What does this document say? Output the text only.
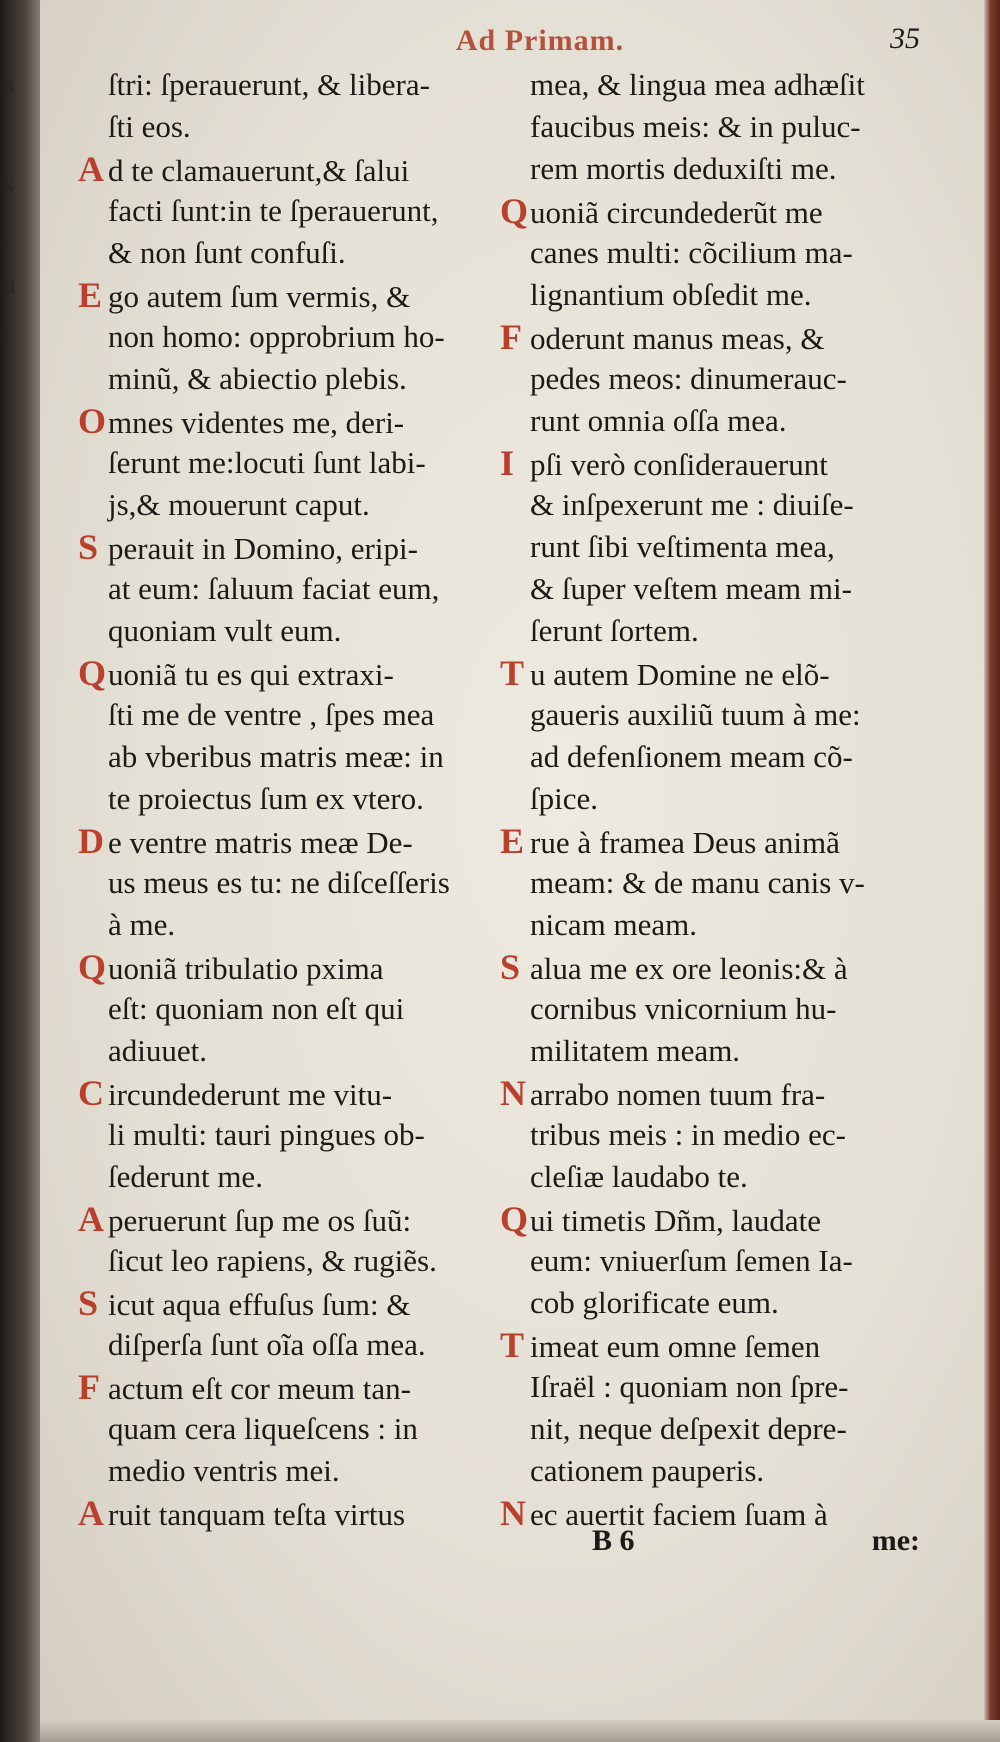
s
-
s
.
a
i
.
Ad Primam.	35
ſtri: ſperauerunt, & libera-
ſti eos.
A d te clamauerunt,& ſalui
facti ſunt:in te ſperauerunt,
& non ſunt confuſi.
E go autem ſum vermis, &
non homo: opprobrium ho-
minũ, & abiectio plebis.
Omnes videntes me, deri-
ſerunt me:locuti ſunt labi-
js,& mouerunt caput.
S perauit in Domino, eripi-
at eum: ſaluum faciat eum,
quoniam vult eum.
Quoniã tu es qui extraxi-
ſti me de ventre , ſpes mea
ab vberibus matris meæ: in
te proiectus ſum ex vtero.
D e ventre matris meæ De-
us meus es tu: ne diſceſſeris
à me.
Quoniã tribulatio pxima
eſt: quoniam non eſt qui
adiuuet.
C ircundederunt me vitu-
li multi: tauri pingues ob-
ſederunt me.
A peruerunt ſup me os ſuũ:
ſicut leo rapiens, & rugiẽs.
S icut aqua effuſus ſum: &
diſperſa ſunt oĩa oſſa mea.
F actum eſt cor meum tan-
quam cera liqueſcens : in
medio ventris mei.
A ruit tanquam teſta virtus
mea, & lingua mea adhæſit
faucibus meis: & in puluc-
rem mortis deduxiſti me.
Quoniã circundederũt me
canes multi: cõcilium ma-
lignantium obſedit me.
F oderunt manus meas, &
pedes meos: dinumerauc-
runt omnia oſſa mea.
I pſi verò conſiderauerunt
& inſpexerunt me : diuiſe-
runt ſibi veſtimenta mea,
& ſuper veſtem meam mi-
ſerunt ſortem.
T u autem Domine ne elõ-
gaueris auxiliũ tuum à me:
ad defenſionem meam cõ-
ſpice.
E rue à framea Deus animã
meam: & de manu canis v-
nicam meam.
S alua me ex ore leonis:& à
cornibus vnicornium hu-
militatem meam.
N arrabo nomen tuum fra-
tribus meis : in medio ec-
cleſiæ laudabo te.
Qui timetis Dñm, laudate
eum: vniuerſum ſemen Ia-
cob glorificate eum.
T imeat eum omne ſemen
Iſraël : quoniam non ſpre-
nit, neque deſpexit depre-
cationem pauperis.
N ec auertit faciem ſuam à
B 6	me:
